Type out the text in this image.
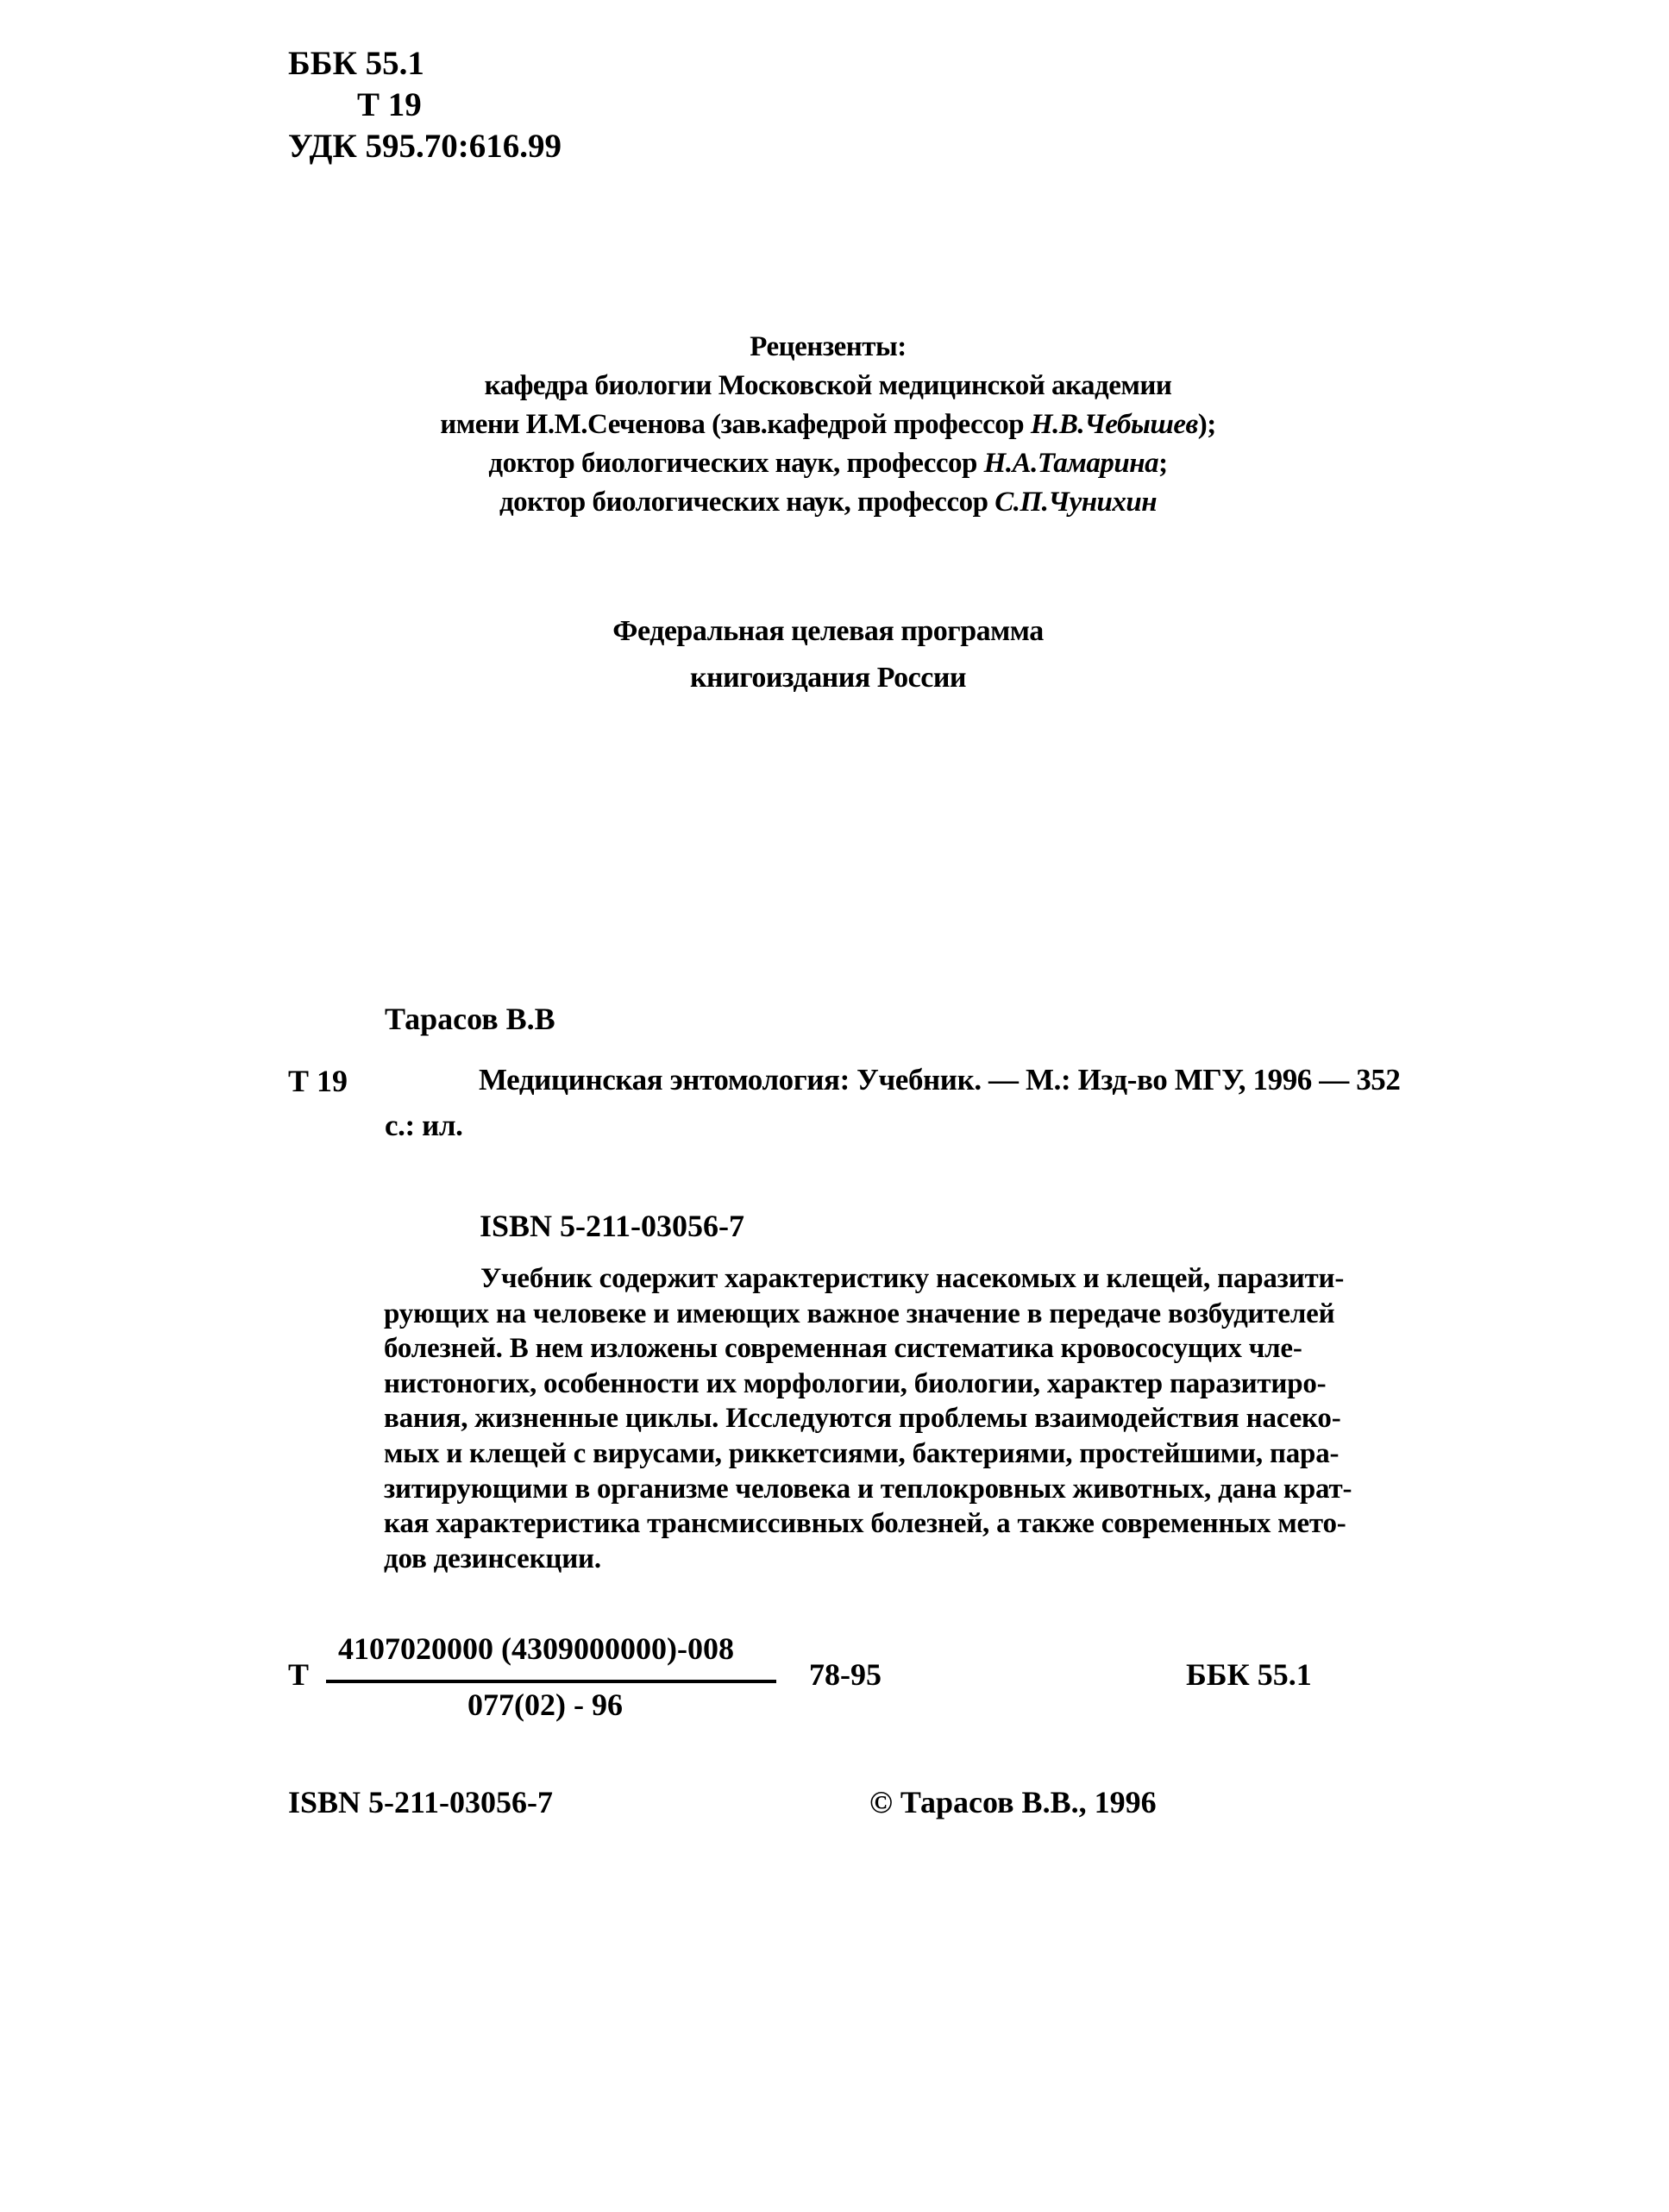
ББК 55.1
Т 19
УДК 595.70:616.99
Рецензенты:
кафедра биологии Московской медицинской академии
имени И.М.Сеченова (зав.кафедрой профессор Н.В.Чебышев);
доктор биологических наук, профессор Н.А.Тамарина;
доктор биологических наук, профессор С.П.Чунихин
Федеральная целевая программа
книгоиздания России
Тарасов В.В
Т 19	Медицинская энтомология: Учебник. — М.: Изд-во МГУ, 1996 — 352
с.: ил.
ISBN 5-211-03056-7
Учебник содержит характеристику насекомых и клещей, паразити-
рующих на человеке и имеющих важное значение в передаче возбудителей
болезней. В нем изложены современная систематика кровососущих чле-
нистоногих, особенности их морфологии, биологии, характер паразитиро-
вания, жизненные циклы. Исследуются проблемы взаимодействия насеко-
мых и клещей с вирусами, риккетсиями, бактериями, простейшими, пара-
зитирующими в организме человека и теплокровных животных, дана крат-
кая характеристика трансмиссивных болезней, а также современных мето-
дов дезинсекции.
Т
4107020000 (4309000000)-008
077(02) - 96
78-95	ББК 55.1
ISBN 5-211-03056-7	© Тарасов В.В., 1996
